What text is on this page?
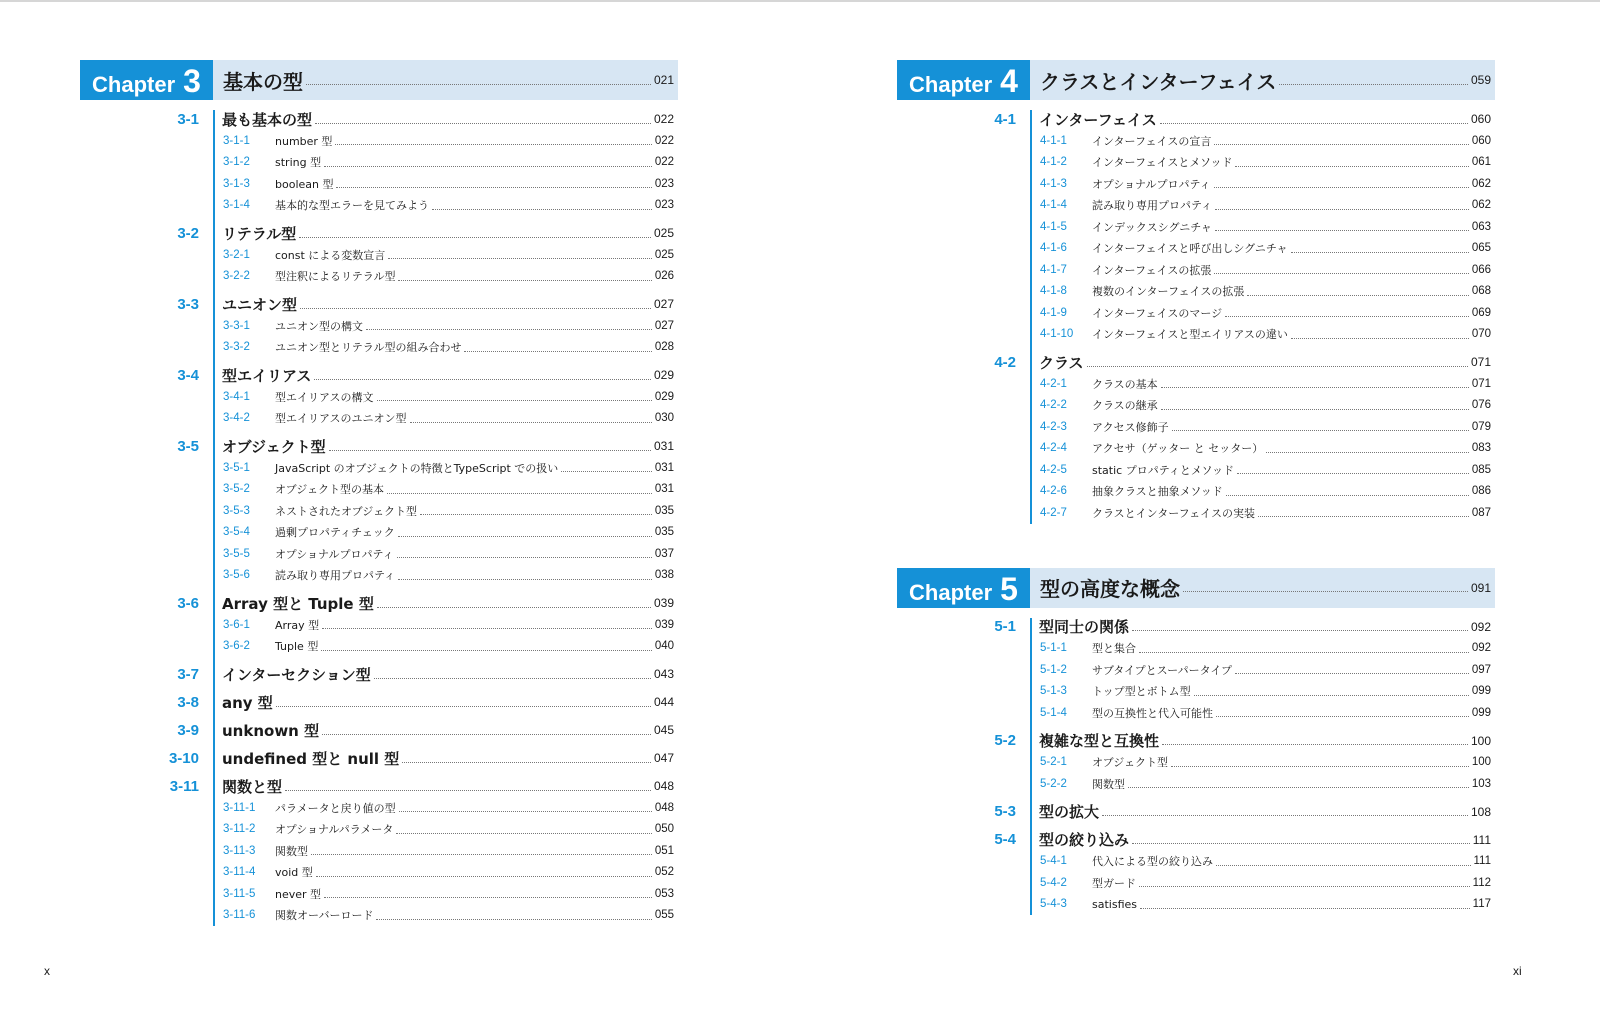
Chapter 3 基本の型	021
3-1	最も基本の型	022
3-1-1	number 型	022
3-1-2	string 型	022
3-1-3	boolean 型	023
3-1-4	基本的な型エラーを見てみよう	023
3-2	リテラル型	025
3-2-1	const による変数宣言	025
3-2-2	型注釈によるリテラル型	026
3-3	ユニオン型	027
3-3-1	ユニオン型の構文	027
3-3-2	ユニオン型とリテラル型の組み合わせ	028
3-4	型エイリアス	029
3-4-1	型エイリアスの構文	029
3-4-2	型エイリアスのユニオン型	030
3-5	オブジェクト型	031
3-5-1	JavaScript のオブジェクトの特徴とTypeScript での扱い	031
3-5-2	オブジェクト型の基本	031
3-5-3	ネストされたオブジェクト型	035
3-5-4	過剰プロパティチェック	035
3-5-5	オプショナルプロパティ	037
3-5-6	読み取り専用プロパティ	038
3-6	Array 型と Tuple 型	039
3-6-1	Array 型	039
3-6-2	Tuple 型	040
3-7	インターセクション型	043
3-8	any 型	044
3-9	unknown 型	045
3-10	undefined 型と null 型	047
3-11	関数と型	048
3-11-1	パラメータと戻り値の型	048
3-11-2	オプショナルパラメータ	050
3-11-3	関数型	051
3-11-4	void 型	052
3-11-5	never 型	053
3-11-6	関数オーバーロード	055
Chapter 4 クラスとインターフェイス	059
4-1	インターフェイス	060
4-1-1	インターフェイスの宣言	060
4-1-2	インターフェイスとメソッド	061
4-1-3	オプショナルプロパティ	062
4-1-4	読み取り専用プロパティ	062
4-1-5	インデックスシグニチャ	063
4-1-6	インターフェイスと呼び出しシグニチャ	065
4-1-7	インターフェイスの拡張	066
4-1-8	複数のインターフェイスの拡張	068
4-1-9	インターフェイスのマージ	069
4-1-10	インターフェイスと型エイリアスの違い	070
4-2	クラス	071
4-2-1	クラスの基本	071
4-2-2	クラスの継承	076
4-2-3	アクセス修飾子	079
4-2-4	アクセサ（ゲッター と セッター）	083
4-2-5	static プロパティとメソッド	085
4-2-6	抽象クラスと抽象メソッド	086
4-2-7	クラスとインターフェイスの実装	087
Chapter 5 型の高度な概念	091
5-1	型同士の関係	092
5-1-1	型と集合	092
5-1-2	サブタイプとスーパータイプ	097
5-1-3	トップ型とボトム型	099
5-1-4	型の互換性と代入可能性	099
5-2	複雑な型と互換性	100
5-2-1	オブジェクト型	100
5-2-2	関数型	103
5-3	型の拡大	108
5-4	型の絞り込み	111
5-4-1	代入による型の絞り込み	111
5-4-2	型ガード	112
5-4-3	satisfies	117
x	xi
